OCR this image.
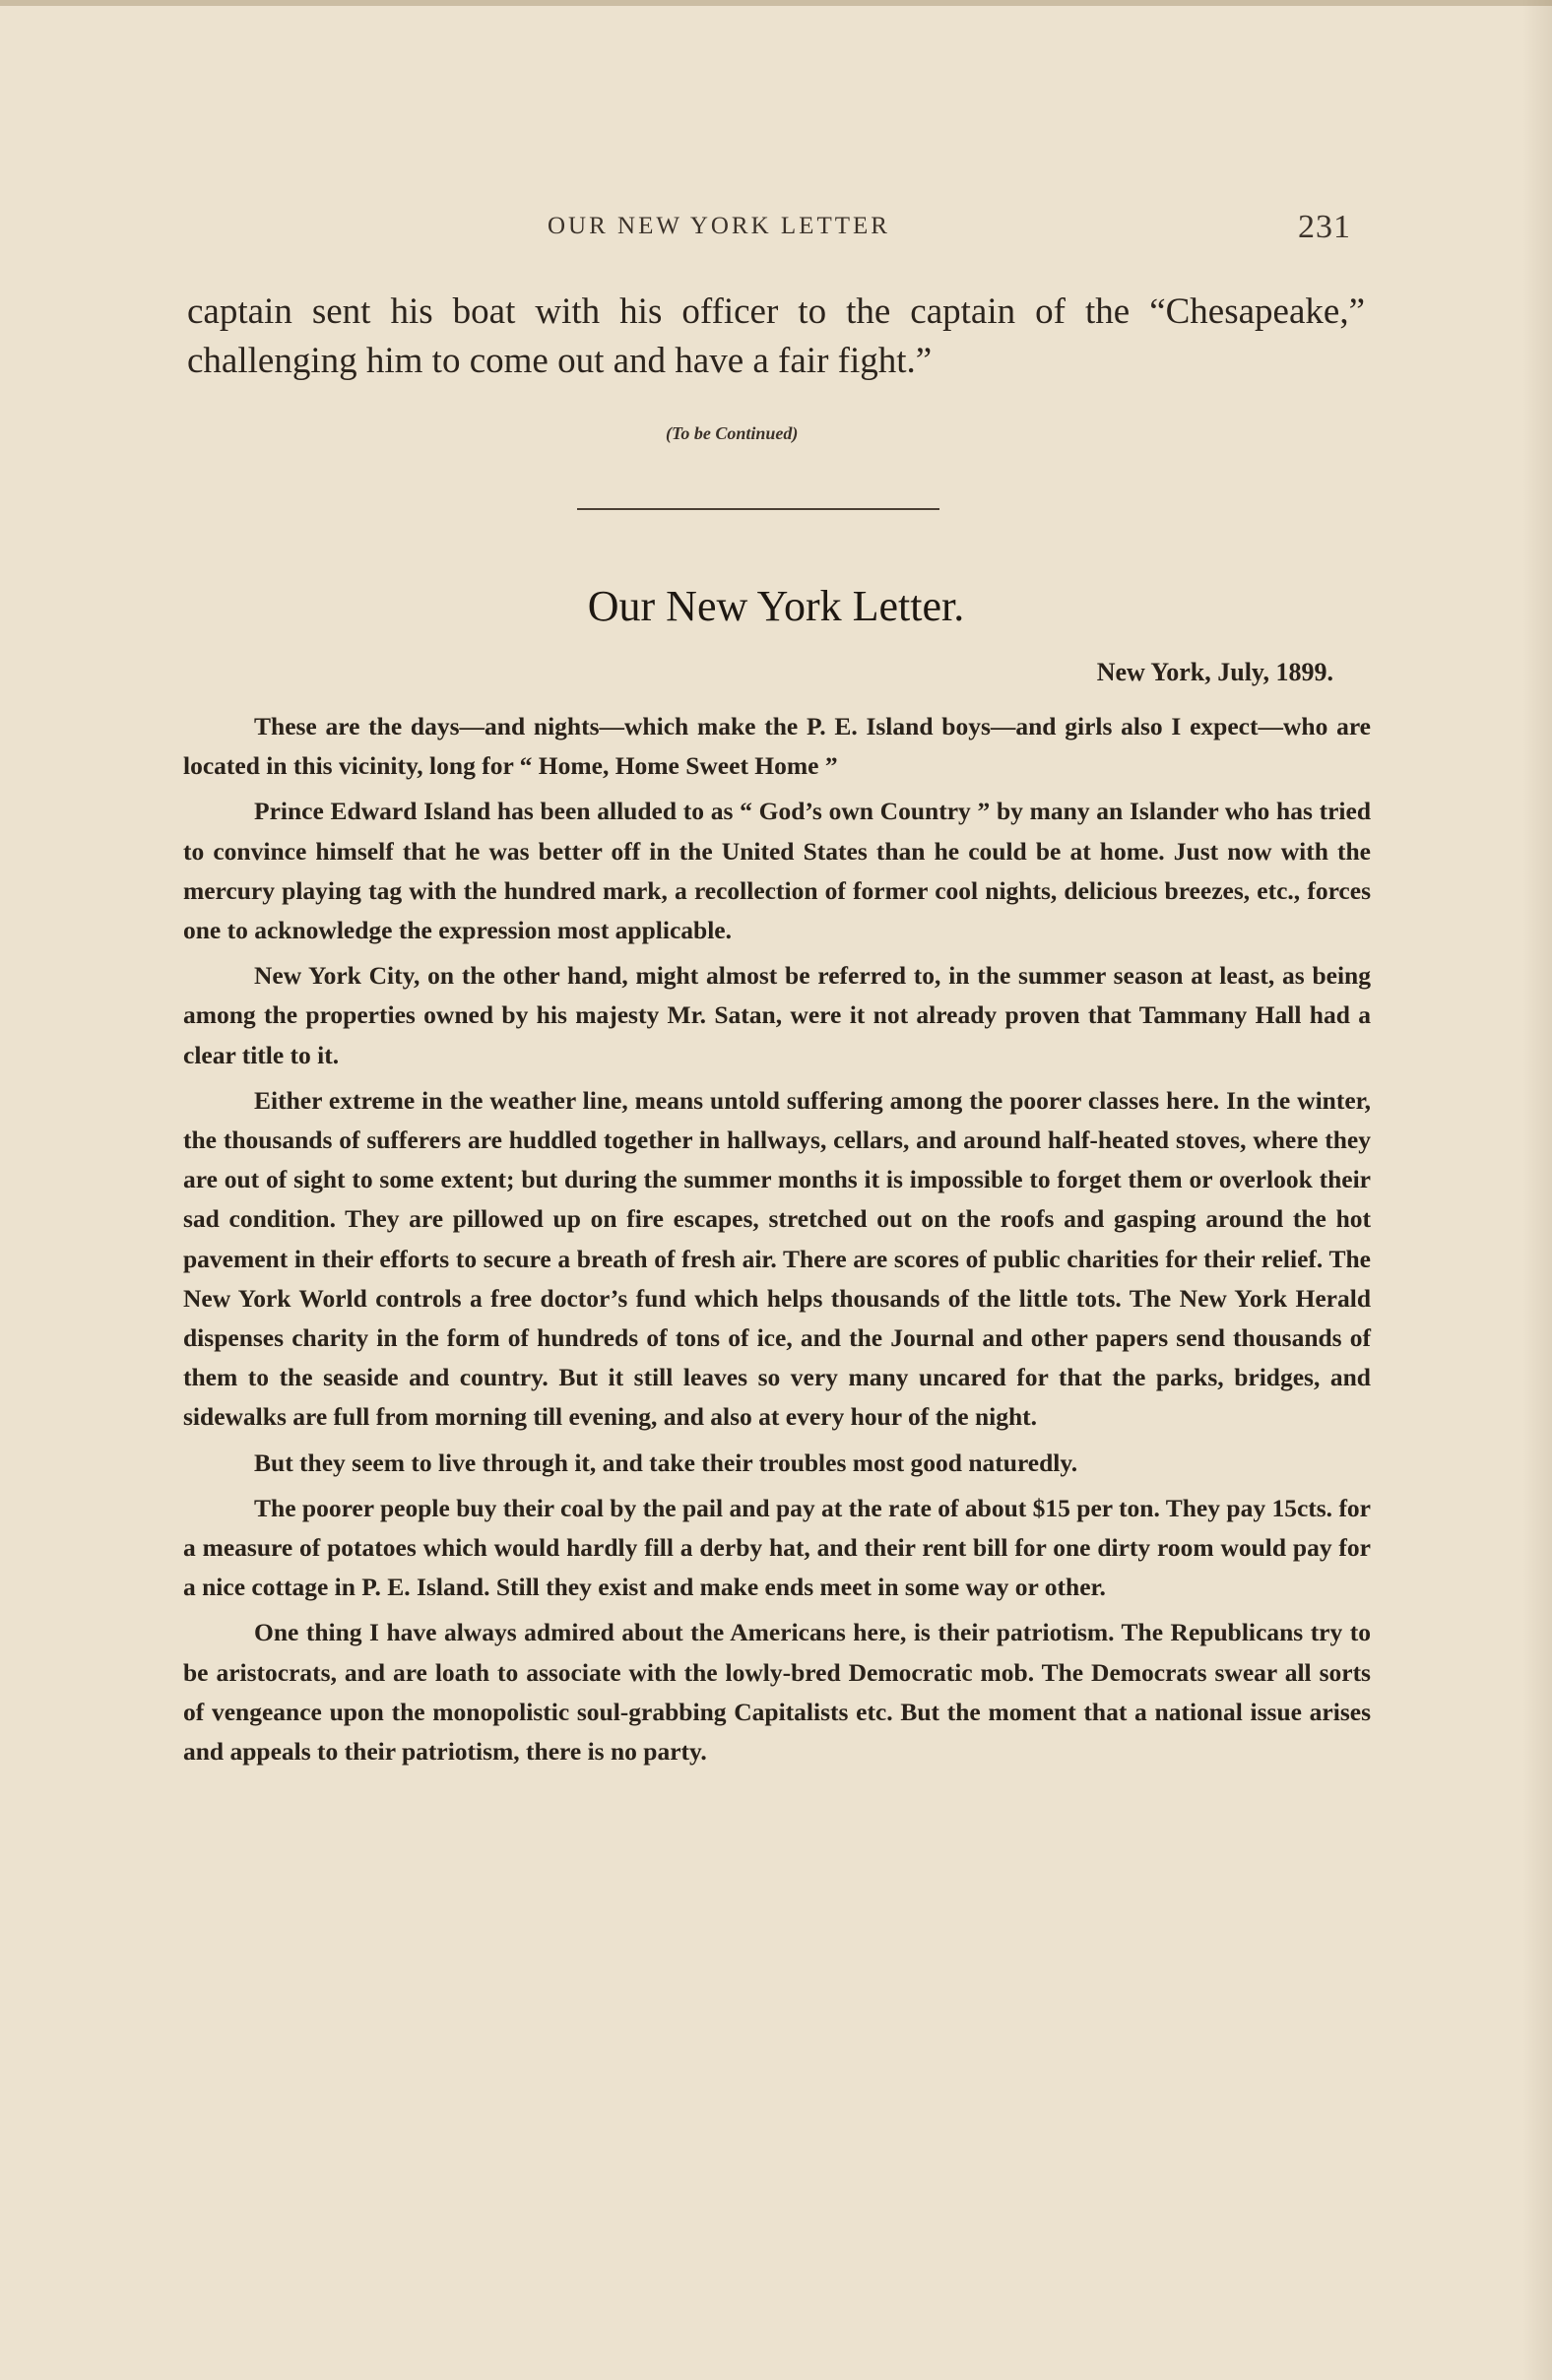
OUR NEW YORK LETTER	231
captain sent his boat with his officer to the captain of the “Chesapeake,” challenging him to come out and have a fair fight.”
(To be Continued)
Our New York Letter.
New York, July, 1899.

These are the days—and nights—which make the P. E. Island boys—and girls also I expect—who are located in this vicinity, long for “ Home, Home Sweet Home ”

Prince Edward Island has been alluded to as “ God’s own Country ” by many an Islander who has tried to convince himself that he was better off in the United States than he could be at home. Just now with the mercury playing tag with the hundred mark, a recollection of former cool nights, delicious breezes, etc., forces one to acknowledge the expression most applicable.

New York City, on the other hand, might almost be referred to, in the summer season at least, as being among the properties owned by his majesty Mr. Satan, were it not already proven that Tammany Hall had a clear title to it.

Either extreme in the weather line, means untold suffering among the poorer classes here. In the winter, the thousands of sufferers are huddled together in hallways, cellars, and around half-heated stoves, where they are out of sight to some extent; but during the summer months it is impossible to forget them or overlook their sad condition. They are pillowed up on fire escapes, stretched out on the roofs and gasping around the hot pavement in their efforts to secure a breath of fresh air. There are scores of public charities for their relief. The New York World controls a free doctor’s fund which helps thousands of the little tots. The New York Herald dispenses charity in the form of hundreds of tons of ice, and the Journal and other papers send thousands of them to the seaside and country. But it still leaves so very many uncared for that the parks, bridges, and sidewalks are full from morning till evening, and also at every hour of the night.

But they seem to live through it, and take their troubles most good naturedly.

The poorer people buy their coal by the pail and pay at the rate of about $15 per ton. They pay 15cts. for a measure of potatoes which would hardly fill a derby hat, and their rent bill for one dirty room would pay for a nice cottage in P. E. Island. Still they exist and make ends meet in some way or other.

One thing I have always admired about the Americans here, is their patriotism. The Republicans try to be aristocrats, and are loath to associate with the lowly-bred Democratic mob. The Democrats swear all sorts of vengeance upon the monopolistic soul-grabbing Capitalists etc. But the moment that a national issue arises and appeals to their patriotism, there is no party.
